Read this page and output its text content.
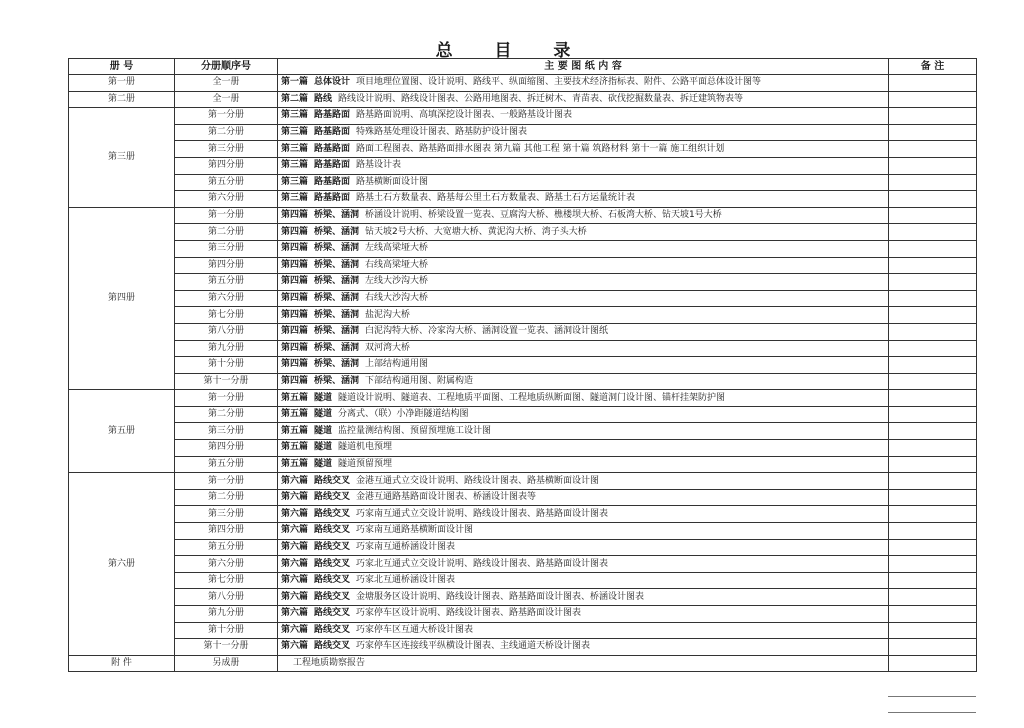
总 目 录
册 号	分册顺序号	主 要 图 纸 内 容	备 注
第一册	全一册	第一篇 总体设计 项目地理位置图、设计说明、路线平、纵面缩图、主要技术经济指标表、附件、公路平面总体设计图等	
第二册	全一册	第二篇 路线 路线设计说明、路线设计图表、公路用地图表、拆迁树木、青苗表、砍伐挖掘数量表、拆迁建筑物表等	
第三册	第一分册	第三篇 路基路面 路基路面说明、高填深挖设计图表、一般路基设计图表	
	第二分册	第三篇 路基路面 特殊路基处理设计图表、路基防护设计图表	
	第三分册	第三篇 路基路面 路面工程图表、路基路面排水图表 第九篇 其他工程 第十篇 筑路材料 第十一篇 施工组织计划	
	第四分册	第三篇 路基路面 路基设计表	
	第五分册	第三篇 路基路面 路基横断面设计图	
	第六分册	第三篇 路基路面 路基土石方数量表、路基每公里土石方数量表、路基土石方运量统计表	
第四册	第一分册	第四篇 桥梁、涵洞 桥涵设计说明、桥梁设置一览表、豆腐沟大桥、樵楼坝大桥、石板湾大桥、钻天坡1号大桥	
	第二分册	第四篇 桥梁、涵洞 钻天坡2号大桥、大宽塘大桥、黄泥沟大桥、湾子头大桥	
	第三分册	第四篇 桥梁、涵洞 左线高梁垭大桥	
	第四分册	第四篇 桥梁、涵洞 右线高梁垭大桥	
	第五分册	第四篇 桥梁、涵洞 左线大沙沟大桥	
	第六分册	第四篇 桥梁、涵洞 右线大沙沟大桥	
	第七分册	第四篇 桥梁、涵洞 盐泥沟大桥	
	第八分册	第四篇 桥梁、涵洞 白泥沟特大桥、冷家沟大桥、涵洞设置一览表、涵洞设计图纸	
	第九分册	第四篇 桥梁、涵洞 双河湾大桥	
	第十分册	第四篇 桥梁、涵洞 上部结构通用图	
	第十一分册	第四篇 桥梁、涵洞 下部结构通用图、附属构造	
第五册	第一分册	第五篇 隧道 隧道设计说明、隧道表、工程地质平面图、工程地质纵断面图、隧道洞门设计图、锚杆挂架防护图	
	第二分册	第五篇 隧道 分离式、（联）小净距隧道结构图	
	第三分册	第五篇 隧道 监控量测结构图、预留预埋施工设计图	
	第四分册	第五篇 隧道 隧道机电预埋	
	第五分册	第五篇 隧道 隧道预留预埋	
第六册	第一分册	第六篇 路线交叉 金港互通式立交设计说明、路线设计图表、路基横断面设计图	
	第二分册	第六篇 路线交叉 金港互通路基路面设计图表、桥涵设计图表等	
	第三分册	第六篇 路线交叉 巧家南互通式立交设计说明、路线设计图表、路基路面设计图表	
	第四分册	第六篇 路线交叉 巧家南互通路基横断面设计图	
	第五分册	第六篇 路线交叉 巧家南互通桥涵设计图表	
	第六分册	第六篇 路线交叉 巧家北互通式立交设计说明、路线设计图表、路基路面设计图表	
	第七分册	第六篇 路线交叉 巧家北互通桥涵设计图表	
	第八分册	第六篇 路线交叉 金塘服务区设计说明、路线设计图表、路基路面设计图表、桥涵设计图表	
	第九分册	第六篇 路线交叉 巧家停车区设计说明、路线设计图表、路基路面设计图表	
	第十分册	第六篇 路线交叉 巧家停车区互通大桥设计图表	
	第十一分册	第六篇 路线交叉 巧家停车区连接线平纵横设计图表、主线通道天桥设计图表	
附 件	另成册	工程地质勘察报告	
